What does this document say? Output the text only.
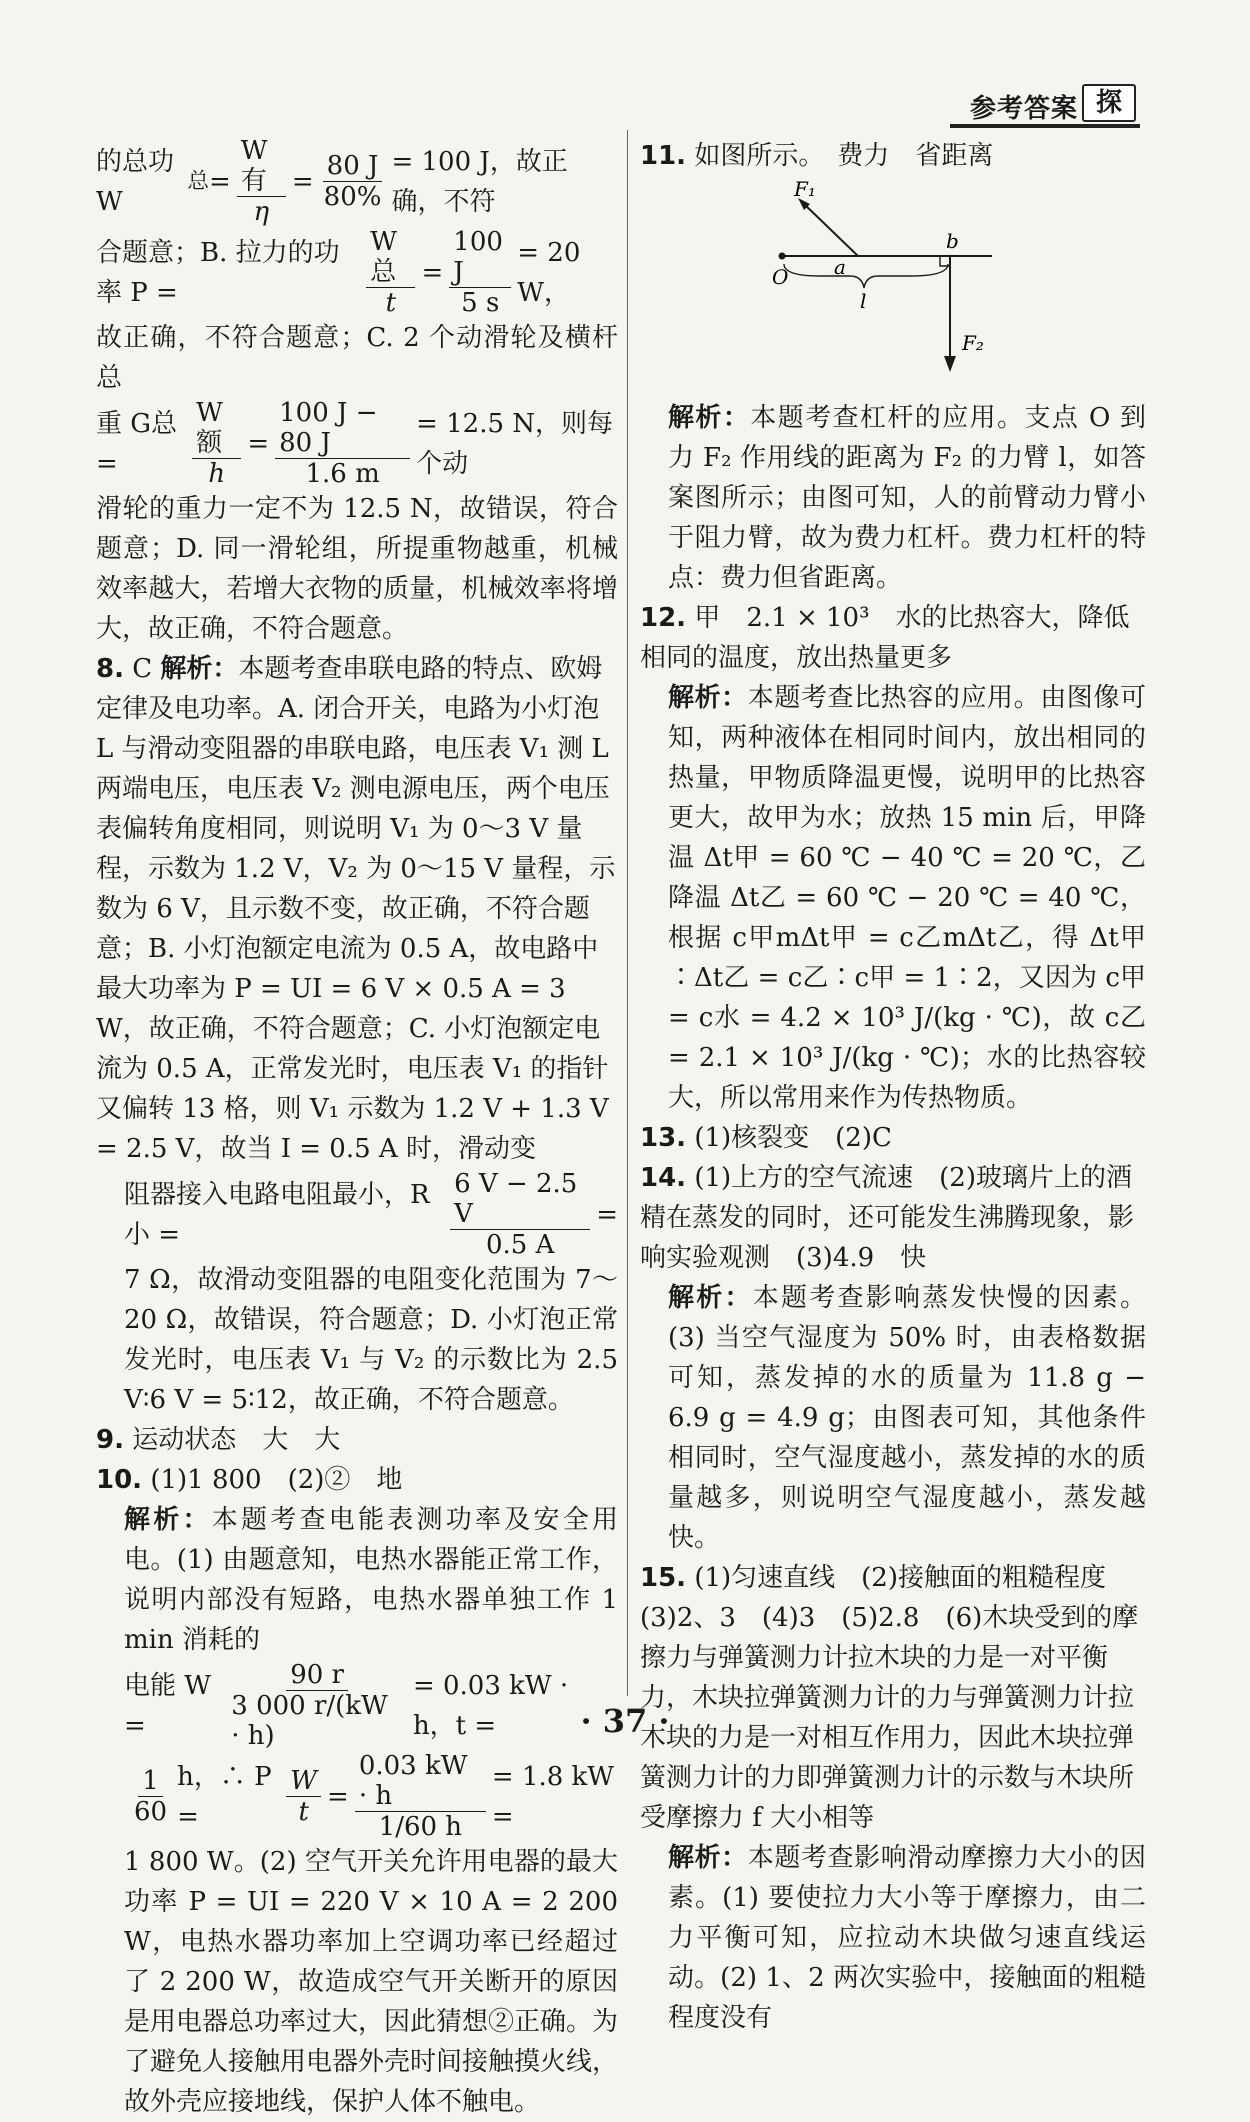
参考答案 探
的总功 W
总 = $\frac{\text{W有}}{\eta} = \frac{80 J}{80\%} = 100$ J，故正确，不符
合题意；B. 拉力的功率 P =	$\frac{\text{W总}}{t} = \frac{100 J}{5 s} = 20$ W，

故正确，不符合题意；C. 2 个动滑轮及横杆总

重 G总 =	$\frac{\text{W额}}{h} = \frac{100 J - 80 J}{1.6 m} = 12.5$ N，则每个动

滑轮的重力一定不为 12.5 N，故错误，符合题意；D. 同一滑轮组，所提重物越重，机械效率越大，若增大衣物的质量，机械效率将增大，故正确，不符合题意。

8. C 解析：本题考查串联电路的特点、欧姆定律及电功率。A. 闭合开关，电路为小灯泡 L 与滑动变阻器的串联电路，电压表 V₁ 测 L 两端电压，电压表 V₂ 测电源电压，两个电压表偏转角度相同，则说明 V₁ 为 0～3 V 量程，示数为 1.2 V，V₂ 为 0～15 V 量程，示数为 6 V，且示数不变，故正确，不符合题意；B. 小灯泡额定电流为 0.5 A，故电路中最大功率为 P = UI = 6 V × 0.5 A = 3 W，故正确，不符合题意；C. 小灯泡额定电流为 0.5 A，正常发光时，电压表 V₁ 的指针又偏转 13 格，则 V₁ 示数为 1.2 V + 1.3 V = 2.5 V，故当 I = 0.5 A 时，滑动变

阻器接入电路电阻最小，R小 =	$\frac{6 V - 2.5 V}{0.5 A}$ =

7 Ω，故滑动变阻器的电阻变化范围为 7～20 Ω，故错误，符合题意；D. 小灯泡正常发光时，电压表 V₁ 与 V₂ 的示数比为 2.5 V∶6 V = 5∶12，故正确，不符合题意。

9. 运动状态　大　大

10. (1)1 800　(2)②　地

解析：本题考查电能表测功率及安全用电。(1) 由题意知，电热水器能正常工作，说明内部没有短路，电热水器单独工作 1 min 消耗的

电能 W =	$\frac{90 r}{3 000 r/(kW \cdot h)} = 0.03$ kW · h，t =
$\frac{1}{60}$ h，∴ P =	$\frac{W}{t} = \frac{0.03 kW \cdot h}{1/60 h} = 1.8$ kW =

1 800 W。(2) 空气开关允许用电器的最大功率 P = UI = 220 V × 10 A = 2 200 W，电热水器功率加上空调功率已经超过了 2 200 W，故造成空气开关断开的原因是用电器总功率过大，因此猜想②正确。为了避免人接触用电器外壳时间接触摸火线，故外壳应接地线，保护人体不触电。

11. 如图所示。　费力　省距离

F₁
F₂
O a
b
l

解析：本题考查杠杆的应用。支点 O 到力 F₂ 作用线的距离为 F₂ 的力臂 l，如答案图所示；由图可知，人的前臂动力臂小于阻力臂，故为费力杠杆。费力杠杆的特点：费力但省距离。

12. 甲　2.1 × 10³　水的比热容大，降低相同的温度，放出热量更多

解析：本题考查比热容的应用。由图像可知，两种液体在相同时间内，放出相同的热量，甲物质降温更慢，说明甲的比热容更大，故甲为水；放热 15 min 后，甲降温 Δt甲 = 60 ℃ − 40 ℃ = 20 ℃，乙降温 Δt乙 = 60 ℃ − 20 ℃ = 40 ℃，根据 c甲mΔt甲 = c乙mΔt乙，得 Δt甲∶Δt乙 = c乙∶c甲 = 1∶2，又因为 c甲 = c水 = 4.2 × 10³ J/(kg · ℃)，故 c乙 = 2.1 × 10³ J/(kg · ℃)；水的比热容较大，所以常用来作为传热物质。

13. (1)核裂变　(2)C

14. (1)上方的空气流速　(2)玻璃片上的酒精在蒸发的同时，还可能发生沸腾现象，影响实验观测　(3)4.9　快

解析：本题考查影响蒸发快慢的因素。(3) 当空气湿度为 50% 时，由表格数据可知，蒸发掉的水的质量为 11.8 g − 6.9 g = 4.9 g；由图表可知，其他条件相同时，空气湿度越小，蒸发掉的水的质量越多，则说明空气湿度越小，蒸发越快。

15. (1)匀速直线　(2)接触面的粗糙程度　(3)2、3　(4)3　(5)2.8　(6)木块受到的摩擦力与弹簧测力计拉木块的力是一对平衡力，木块拉弹簧测力计的力与弹簧测力计拉木块的力是一对相互作用力，因此木块拉弹簧测力计的力即弹簧测力计的示数与木块所受摩擦力 f 大小相等

解析：本题考查影响滑动摩擦力大小的因素。(1) 要使拉力大小等于摩擦力，由二力平衡可知，应拉动木块做匀速直线运动。(2) 1、2 两次实验中，接触面的粗糙程度没有

· 37 ·
